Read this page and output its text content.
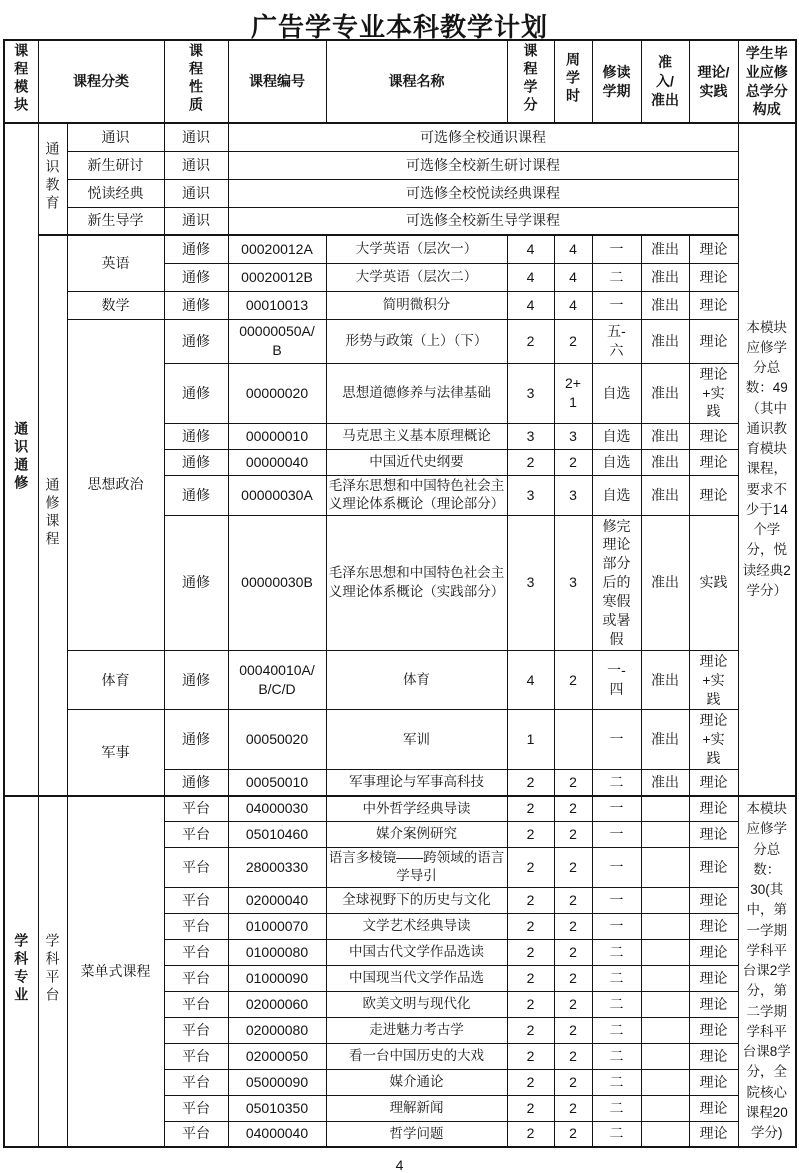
广告学专业本科教学计划
课程模块	课程分类		课程性质	课程编号	课程名称	课程学分	周学时	修读学期	准入/准出	理论/实践	学生毕业应修总学分构成
通识通修	通识教育	通识	通识	可选修全校通识课程							本模块应修学分总数：49（其中通识教育模块课程，要求不少于14个学分，悦读经典2学分）
		新生研讨	通识	可选修全校新生研讨课程							
		悦读经典	通识	可选修全校悦读经典课程							
		新生导学	通识	可选修全校新生导学课程							
	通修课程	英语	通修	00020012A	大学英语（层次一）	4	4	一	准出	理论	
			通修	00020012B	大学英语（层次二）	4	4	二	准出	理论	
		数学	通修	00010013	简明微积分	4	4	一	准出	理论	
		思想政治	通修	00000050A/B	形势与政策（上）（下）	2	2	五-六	准出	理论	
			通修	00000020	思想道德修养与法律基础	3	2+1	自选	准出	理论+实践	
			通修	00000010	马克思主义基本原理概论	3	3	自选	准出	理论	
			通修	00000040	中国近代史纲要	2	2	自选	准出	理论	
			通修	00000030A	毛泽东思想和中国特色社会主义理论体系概论（理论部分）	3	3	自选	准出	理论	
			通修	00000030B	毛泽东思想和中国特色社会主义理论体系概论（实践部分）	3	3	修完理论部分后的寒假或暑假	准出	实践	
		体育	通修	00040010A/B/C/D	体育	4	2	一-四	准出	理论+实践	
		军事	通修	00050020	军训	1		一	准出	理论+实践	
			通修	00050010	军事理论与军事高科技	2	2	二	准出	理论	
学科专业	学科平台	菜单式课程	平台	04000030	中外哲学经典导读	2	2	一		理论	本模块应修学分总数：30(其中，第一学期学科平台课2学分，第二学期学科平台课8学分，全院核心课程20学分)
			平台	05010460	媒介案例研究	2	2	一		理论	
			平台	28000330	语言多棱镜——跨领域的语言学导引	2	2	一		理论	
			平台	02000040	全球视野下的历史与文化	2	2	一		理论	
			平台	01000070	文学艺术经典导读	2	2	一		理论	
			平台	01000080	中国古代文学作品选读	2	2	二		理论	
			平台	01000090	中国现当代文学作品选	2	2	二		理论	
			平台	02000060	欧美文明与现代化	2	2	二		理论	
			平台	02000080	走进魅力考古学	2	2	二		理论	
			平台	02000050	看一台中国历史的大戏	2	2	二		理论	
			平台	05000090	媒介通论	2	2	二		理论	
			平台	05010350	理解新闻	2	2	二		理论	
			平台	04000040	哲学问题	2	2	二		理论	
4
